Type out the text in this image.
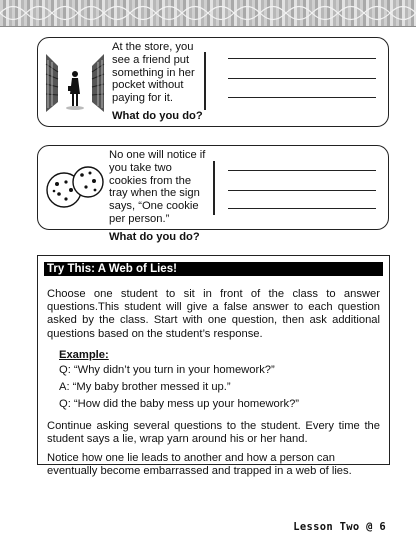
At the store, you see a friend put something in her pocket without paying for it.
What do you do?
No one will notice if you take two cookies from the tray when the sign says, “One cookie per person.”
What do you do?
Try This: A Web of Lies!

Choose one student to sit in front of the class to answer questions.This student will give a false answer to each question asked by the class. Start with one question, then ask additional questions based on the student’s response.

Example:
Q: “Why didn’t you turn in your homework?”
A: “My baby brother messed it up.”
Q: “How did the baby mess up your homework?”

Continue asking several questions to the student. Every time the student says a lie, wrap yarn around his or her hand.

Notice how one lie leads to another and how a person can eventually become embarrassed and trapped in a web of lies.

Lesson Two @ 6
